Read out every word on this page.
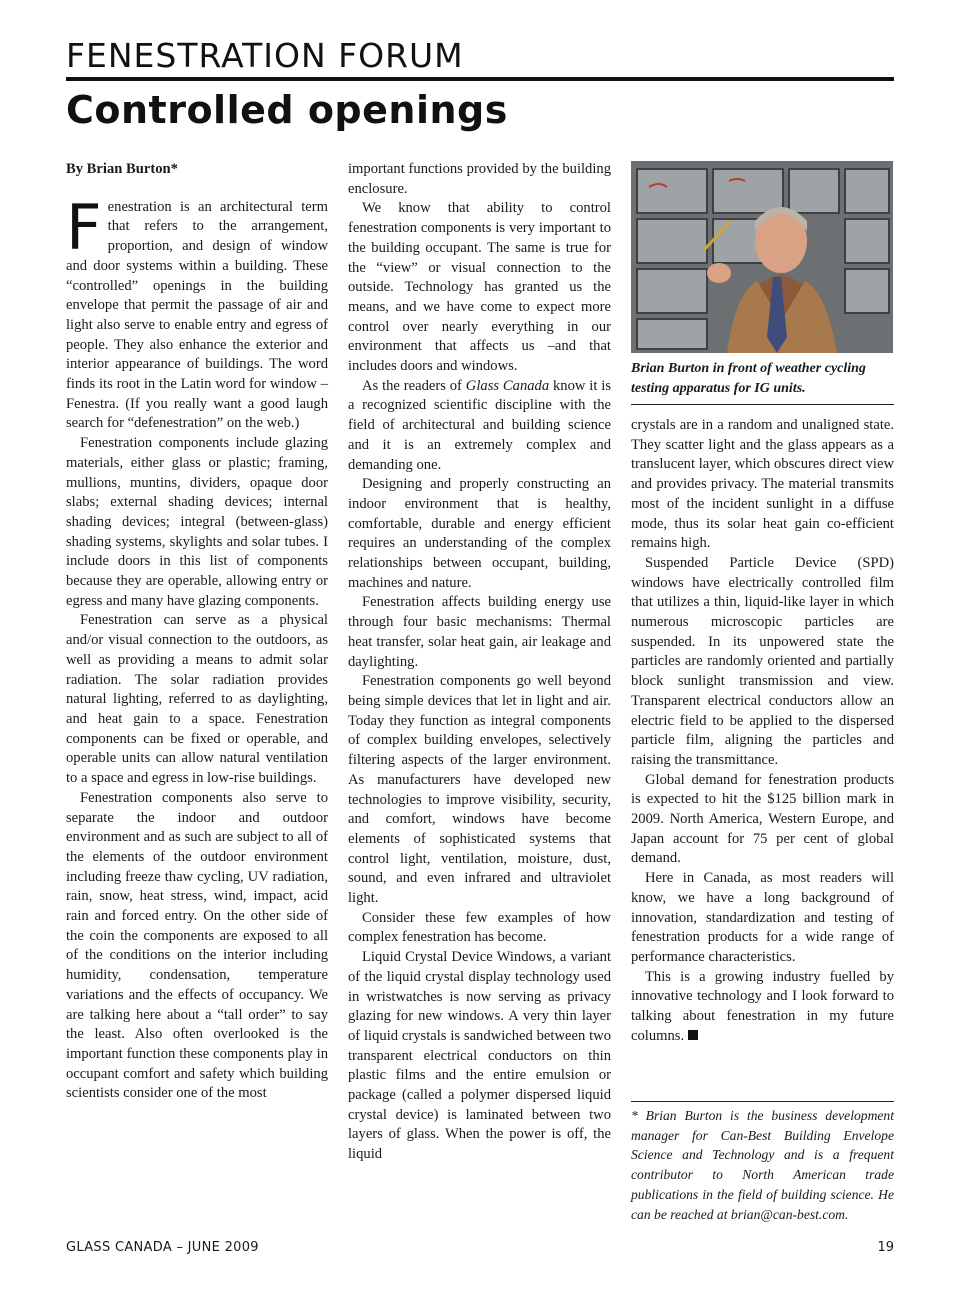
FENESTRATION FORUM
Controlled openings

By Brian Burton*

Fenestration is an architectural term that refers to the arrangement, proportion, and design of window and door systems within a building. These “controlled” openings in the building envelope that permit the passage of air and light also serve to enable entry and egress of people. They also enhance the exterior and interior appearance of buildings. The word finds its root in the Latin word for window – Fenestra. (If you really want a good laugh search for “defenestration” on the web.)

Fenestration components include glazing materials, either glass or plastic; framing, mullions, muntins, dividers, opaque door slabs; external shading devices; internal shading devices; integral (between-glass) shading systems, skylights and solar tubes. I include doors in this list of components because they are operable, allowing entry or egress and many have glazing components.

Fenestration can serve as a physical and/or visual connection to the outdoors, as well as providing a means to admit solar radiation. The solar radiation provides natural lighting, referred to as daylighting, and heat gain to a space. Fenestration components can be fixed or operable, and operable units can allow natural ventilation to a space and egress in low-rise buildings.

Fenestration components also serve to separate the indoor and outdoor environment and as such are subject to all of the elements of the outdoor environment including freeze thaw cycling, UV radiation, rain, snow, heat stress, wind, impact, acid rain and forced entry. On the other side of the coin the components are exposed to all of the conditions on the interior including humidity, condensation, temperature variations and the effects of occupancy. We are talking here about a “tall order” to say the least. Also often overlooked is the important function these components play in occupant comfort and safety which building scientists consider one of the most

important functions provided by the building enclosure.

We know that ability to control fenestration components is very important to the building occupant. The same is true for the “view” or visual connection to the outside. Technology has granted us the means, and we have come to expect more control over nearly everything in our environment that affects us –and that includes doors and windows.

As the readers of Glass Canada know it is a recognized scientific discipline with the field of architectural and building science and it is an extremely complex and demanding one.

Designing and properly constructing an indoor environment that is healthy, comfortable, durable and energy efficient requires an understanding of the complex relationships between occupant, building, machines and nature.

Fenestration affects building energy use through four basic mechanisms: Thermal heat transfer, solar heat gain, air leakage and daylighting.

Fenestration components go well beyond being simple devices that let in light and air. Today they function as integral components of complex building envelopes, selectively filtering aspects of the larger environment. As manufacturers have developed new technologies to improve visibility, security, and comfort, windows have become elements of sophisticated systems that control light, ventilation, moisture, dust, sound, and even infrared and ultraviolet light.

Consider these few examples of how complex fenestration has become.

Liquid Crystal Device Windows, a variant of the liquid crystal display technology used in wristwatches is now serving as privacy glazing for new windows. A very thin layer of liquid crystals is sandwiched between two transparent electrical conductors on thin plastic films and the entire emulsion or package (called a polymer dispersed liquid crystal device) is laminated between two layers of glass. When the power is off, the liquid

Brian Burton in front of weather cycling testing apparatus for IG units.

crystals are in a random and unaligned state. They scatter light and the glass appears as a translucent layer, which obscures direct view and provides privacy. The material transmits most of the incident sunlight in a diffuse mode, thus its solar heat gain co-efficient remains high.

Suspended Particle Device (SPD) windows have electrically controlled film that utilizes a thin, liquid-like layer in which numerous microscopic particles are suspended. In its unpowered state the particles are randomly oriented and partially block sunlight transmission and view. Transparent electrical conductors allow an electric field to be applied to the dispersed particle film, aligning the particles and raising the transmittance.

Global demand for fenestration products is expected to hit the $125 billion mark in 2009. North America, Western Europe, and Japan account for 75 per cent of global demand.

Here in Canada, as most readers will know, we have a long background of innovation, standardization and testing of fenestration products for a wide range of performance characteristics.

This is a growing industry fuelled by innovative technology and I look forward to talking about fenestration in my future columns.

* Brian Burton is the business development manager for Can-Best Building Envelope Science and Technology and is a frequent contributor to North American trade publications in the field of building science. He can be reached at brian@can-best.com.
GLASS CANADA – JUNE 2009	19
